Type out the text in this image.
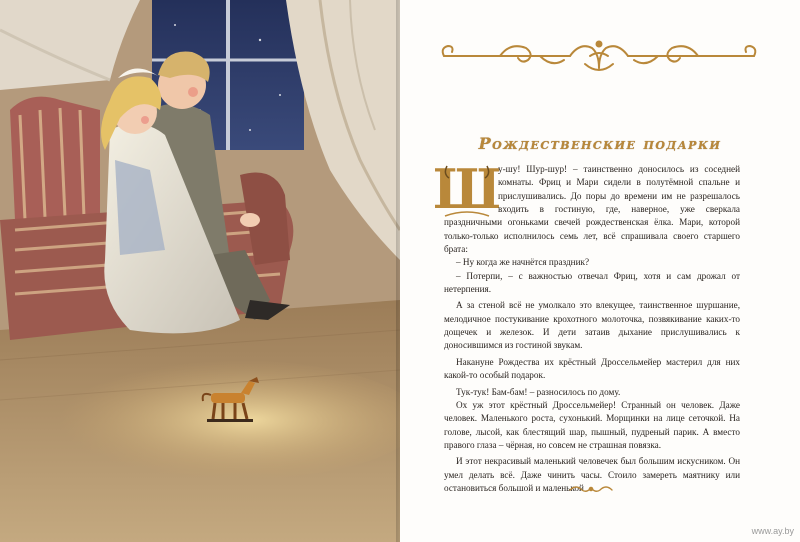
Рождественские подарки
Ш

у-шу! Шур-шур! – таинственно доносилось из соседней комнаты. Фриц и Мари сидели в полутёмной спальне и прислушивались. До поры до времени им не разрешалось входить в гостиную, где, наверное, уже сверкала праздничными огоньками свечей рождественская ёлка. Мари, которой только-только исполнилось семь лет, всё спрашивала своего старшего брата:

– Ну когда же начнётся праздник?

– Потерпи, – с важностью отвечал Фриц, хотя и сам дрожал от нетерпения.

А за стеной всё не умолкало это влекущее, таинственное шуршание, мелодичное постукивание крохотного молоточка, позвякивание каких-то дощечек и железок. И дети затаив дыхание прислушивались к доносившимся из гостиной звукам.

Накануне Рождества их крёстный Дроссельмейер мастерил для них какой-то особый подарок.

Тук-тук! Бам-бам! – разносилось по дому.

Ох уж этот крёстный Дроссельмейер! Странный он человек. Даже человек. Маленького роста, сухонький. Морщинки на лице сеточкой. На голове, лысой, как блестящий шар, пышный, пудреный парик. А вместо правого глаза – чёрная, но совсем не страшная повязка.

И этот некрасивый маленький человечек был большим искусником. Он умел делать всё. Даже чинить часы. Стоило замереть маятнику или остановиться большой и маленькой

www.ay.by
